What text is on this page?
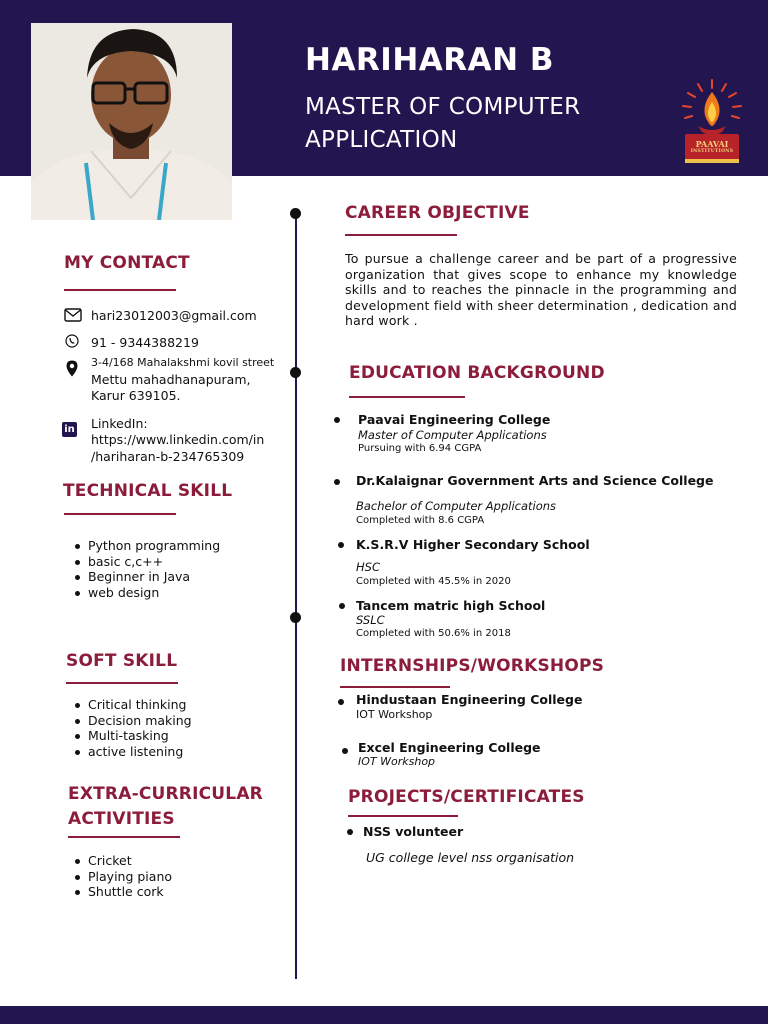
HARIHARAN B
MASTER OF COMPUTER
APPLICATION	PAAVAI
INSTITUTIONS
MY CONTACT
hari23012003@gmail.com
91 - 9344388219
3-4/168 Mahalakshmi kovil street
Mettu mahadhanapuram,
Karur 639105.
in LinkedIn:
https://www.linkedin.com/in
/hariharan-b-234765309
TECHNICAL SKILL
Python programming
basic c,c++
Beginner in Java
web design
SOFT SKILL
Critical thinking
Decision making
Multi-tasking
active listening
EXTRA-CURRICULAR
ACTIVITIES
Cricket
Playing piano
Shuttle cork
CAREER OBJECTIVE
To pursue a challenge career and be part of a progressive organization that gives scope to enhance my knowledge skills and to reaches the pinnacle in the programming and development field with sheer determination , dedication and hard work .
EDUCATION BACKGROUND
Paavai Engineering College
Master of Computer Applications
Pursuing with 6.94 CGPA
Dr.Kalaignar Government Arts and Science College
Bachelor of Computer Applications
Completed with 8.6 CGPA
K.S.R.V Higher Secondary School
HSC
Completed with 45.5% in 2020
Tancem matric high School
SSLC
Completed with 50.6% in 2018
INTERNSHIPS/WORKSHOPS
Hindustaan Engineering College
IOT Workshop
Excel Engineering College
IOT Workshop
PROJECTS/CERTIFICATES
NSS volunteer
UG college level nss organisation
